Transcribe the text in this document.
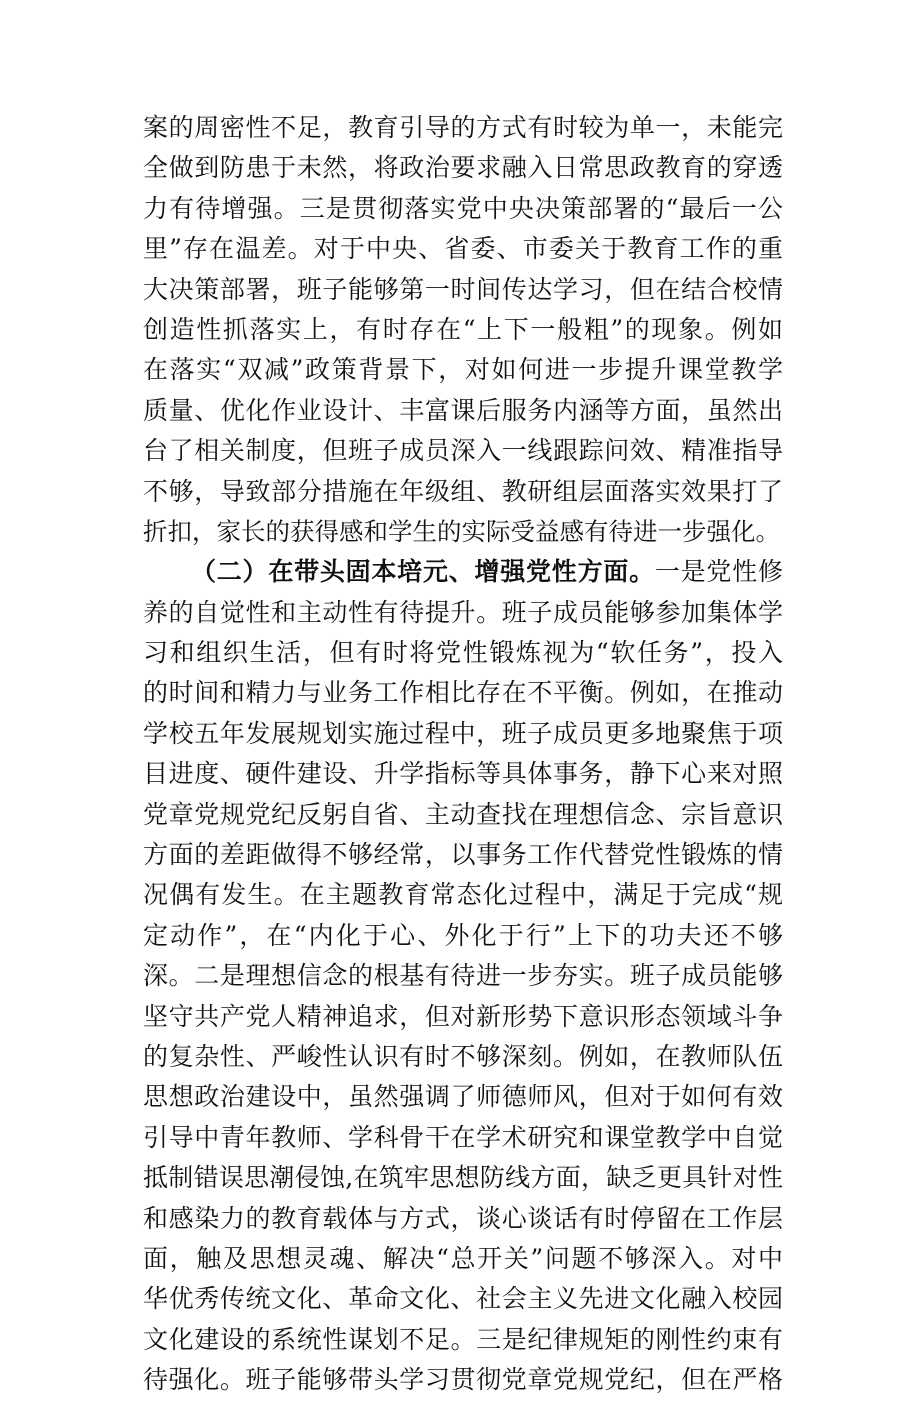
案的周密性不足，教育引导的方式有时较为单一，未能完
全做到防患于未然，将政治要求融入日常思政教育的穿透
力有待增强。三是贯彻落实党中央决策部署的“最后一公
里”存在温差。对于中央、省委、市委关于教育工作的重
大决策部署，班子能够第一时间传达学习，但在结合校情
创造性抓落实上，有时存在“上下一般粗”的现象。例如
在落实“双减”政策背景下，对如何进一步提升课堂教学
质量、优化作业设计、丰富课后服务内涵等方面，虽然出
台了相关制度，但班子成员深入一线跟踪问效、精准指导
不够，导致部分措施在年级组、教研组层面落实效果打了
折扣，家长的获得感和学生的实际受益感有待进一步强化。
（二）在带头固本培元、增强党性方面。一是党性修
养的自觉性和主动性有待提升。班子成员能够参加集体学
习和组织生活，但有时将党性锻炼视为“软任务”，投入
的时间和精力与业务工作相比存在不平衡。例如，在推动
学校五年发展规划实施过程中，班子成员更多地聚焦于项
目进度、硬件建设、升学指标等具体事务，静下心来对照
党章党规党纪反躬自省、主动查找在理想信念、宗旨意识
方面的差距做得不够经常，以事务工作代替党性锻炼的情
况偶有发生。在主题教育常态化过程中，满足于完成“规
定动作”，在“内化于心、外化于行”上下的功夫还不够
深。二是理想信念的根基有待进一步夯实。班子成员能够
坚守共产党人精神追求，但对新形势下意识形态领域斗争
的复杂性、严峻性认识有时不够深刻。例如，在教师队伍
思想政治建设中，虽然强调了师德师风，但对于如何有效
引导中青年教师、学科骨干在学术研究和课堂教学中自觉
抵制错误思潮侵蚀,在筑牢思想防线方面，缺乏更具针对性
和感染力的教育载体与方式，谈心谈话有时停留在工作层
面，触及思想灵魂、解决“总开关”问题不够深入。对中
华优秀传统文化、革命文化、社会主义先进文化融入校园
文化建设的系统性谋划不足。三是纪律规矩的刚性约束有
待强化。班子能够带头学习贯彻党章党规党纪，但在严格
